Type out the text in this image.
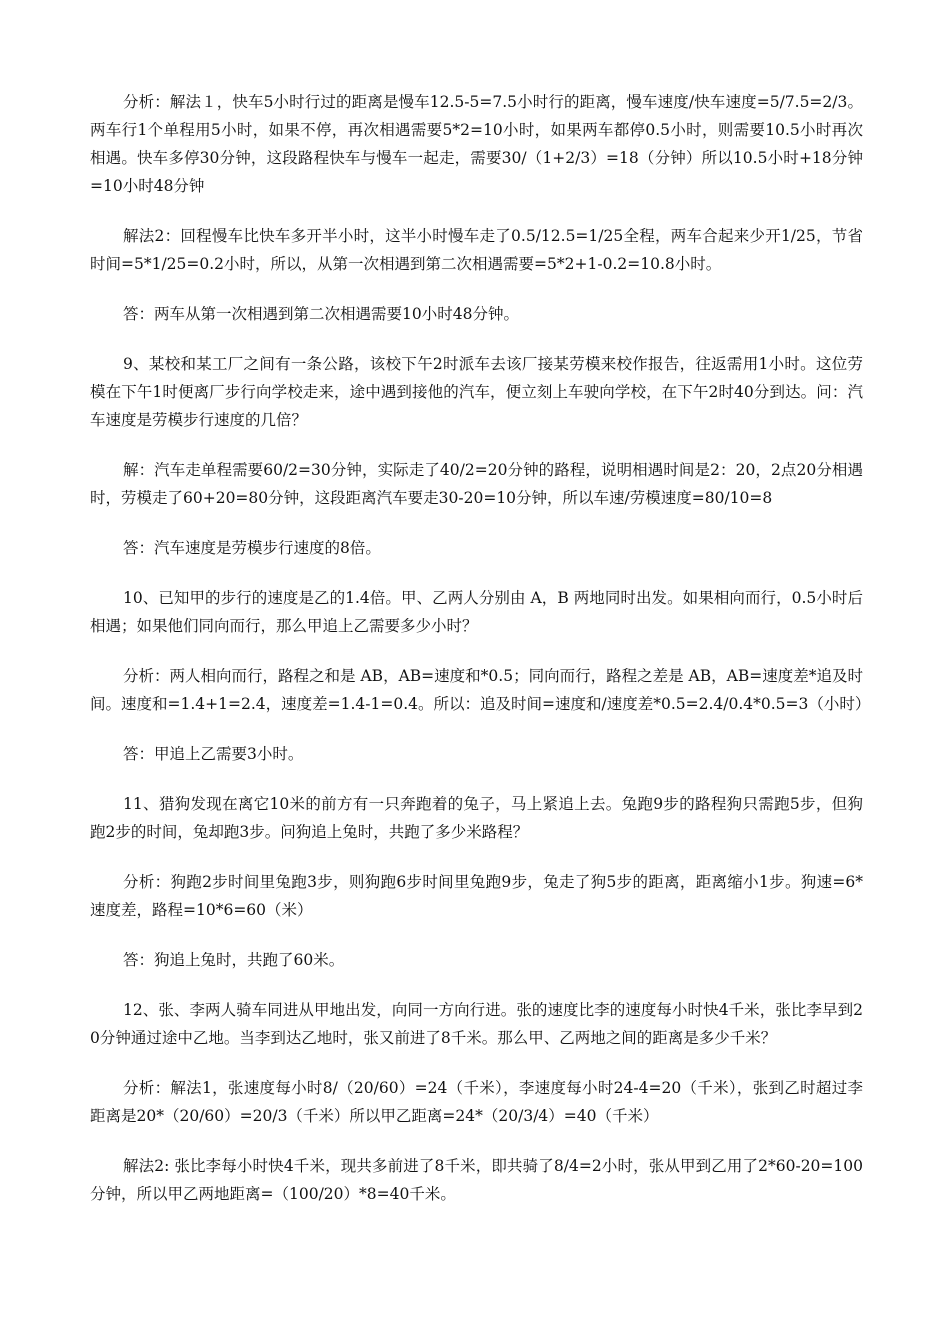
分析：解法１，快车5小时行过的距离是慢车12.5-5=7.5小时行的距离，慢车速度/快车速度=5/7.5=2/3。两车行1个单程用5小时，如果不停，再次相遇需要5*2=10小时，如果两车都停0.5小时，则需要10.5小时再次相遇。快车多停30分钟，这段路程快车与慢车一起走，需要30/（1+2/3）=18（分钟）所以10.5小时+18分钟=10小时48分钟

解法2：回程慢车比快车多开半小时，这半小时慢车走了0.5/12.5=1/25全程，两车合起来少开1/25，节省时间=5*1/25=0.2小时，所以，从第一次相遇到第二次相遇需要=5*2+1-0.2=10.8小时。

答：两车从第一次相遇到第二次相遇需要10小时48分钟。

9、某校和某工厂之间有一条公路，该校下午2时派车去该厂接某劳模来校作报告，往返需用1小时。这位劳模在下午1时便离厂步行向学校走来，途中遇到接他的汽车，便立刻上车驶向学校，在下午2时40分到达。问：汽车速度是劳模步行速度的几倍？

解：汽车走单程需要60/2=30分钟，实际走了40/2=20分钟的路程，说明相遇时间是2：20，2点20分相遇时，劳模走了60+20=80分钟，这段距离汽车要走30-20=10分钟，所以车速/劳模速度=80/10=8

答：汽车速度是劳模步行速度的8倍。

10、已知甲的步行的速度是乙的1.4倍。甲、乙两人分别由 A，B 两地同时出发。如果相向而行，0.5小时后相遇；如果他们同向而行，那么甲追上乙需要多少小时？

分析：两人相向而行，路程之和是 AB，AB=速度和*0.5；同向而行，路程之差是 AB，AB=速度差*追及时间。速度和=1.4+1=2.4，速度差=1.4-1=0.4。所以：追及时间=速度和/速度差*0.5=2.4/0.4*0.5=3（小时）

答：甲追上乙需要3小时。

11、猎狗发现在离它10米的前方有一只奔跑着的兔子，马上紧追上去。兔跑9步的路程狗只需跑5步，但狗跑2步的时间，兔却跑3步。问狗追上兔时，共跑了多少米路程？

分析：狗跑2步时间里兔跑3步，则狗跑6步时间里兔跑9步，兔走了狗5步的距离，距离缩小1步。狗速=6*速度差，路程=10*6=60（米）

答：狗追上兔时，共跑了60米。

12、张、李两人骑车同进从甲地出发，向同一方向行进。张的速度比李的速度每小时快4千米，张比李早到20分钟通过途中乙地。当李到达乙地时，张又前进了8千米。那么甲、乙两地之间的距离是多少千米？

分析：解法1，张速度每小时8/（20/60）=24（千米），李速度每小时24-4=20（千米），张到乙时超过李距离是20*（20/60）=20/3（千米）所以甲乙距离=24*（20/3/4）=40（千米）

解法2: 张比李每小时快4千米，现共多前进了8千米，即共骑了8/4=2小时，张从甲到乙用了2*60-20=100分钟，所以甲乙两地距离=（100/20）*8=40千米。
